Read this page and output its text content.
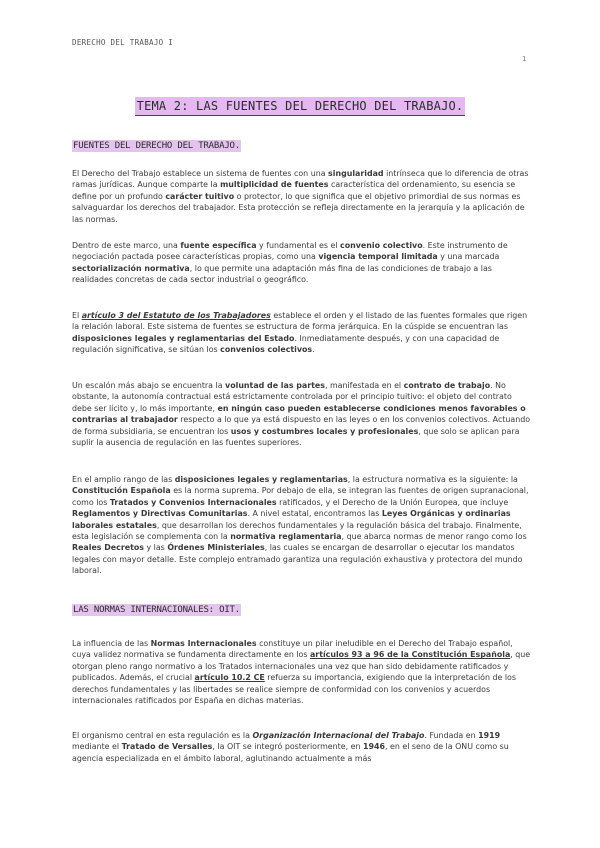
DERECHO DEL TRABAJO I
1
TEMA 2: LAS FUENTES DEL DERECHO DEL TRABAJO.
FUENTES DEL DERECHO DEL TRABAJO.

El Derecho del Trabajo establece un sistema de fuentes con una singularidad intrínseca que lo diferencia de otras ramas jurídicas. Aunque comparte la multiplicidad de fuentes característica del ordenamiento, su esencia se define por un profundo carácter tuitivo o protector, lo que significa que el objetivo primordial de sus normas es salvaguardar los derechos del trabajador. Esta protección se refleja directamente en la jerarquía y la aplicación de las normas.

Dentro de este marco, una fuente específica y fundamental es el convenio colectivo. Este instrumento de negociación pactada posee características propias, como una vigencia temporal limitada y una marcada sectorialización normativa, lo que permite una adaptación más fina de las condiciones de trabajo a las realidades concretas de cada sector industrial o geográfico.

El artículo 3 del Estatuto de los Trabajadores establece el orden y el listado de las fuentes formales que rigen la relación laboral. Este sistema de fuentes se estructura de forma jerárquica. En la cúspide se encuentran las disposiciones legales y reglamentarias del Estado. Inmediatamente después, y con una capacidad de regulación significativa, se sitúan los convenios colectivos.

Un escalón más abajo se encuentra la voluntad de las partes, manifestada en el contrato de trabajo. No obstante, la autonomía contractual está estrictamente controlada por el principio tuitivo: el objeto del contrato debe ser lícito y, lo más importante, en ningún caso pueden establecerse condiciones menos favorables o contrarias al trabajador respecto a lo que ya está dispuesto en las leyes o en los convenios colectivos. Actuando de forma subsidiaria, se encuentran los usos y costumbres locales y profesionales, que solo se aplican para suplir la ausencia de regulación en las fuentes superiores.

En el amplio rango de las disposiciones legales y reglamentarias, la estructura normativa es la siguiente: la Constitución Española es la norma suprema. Por debajo de ella, se integran las fuentes de origen supranacional, como los Tratados y Convenios Internacionales ratificados, y el Derecho de la Unión Europea, que incluye Reglamentos y Directivas Comunitarias. A nivel estatal, encontramos las Leyes Orgánicas y ordinarias laborales estatales, que desarrollan los derechos fundamentales y la regulación básica del trabajo. Finalmente, esta legislación se complementa con la normativa reglamentaria, que abarca normas de menor rango como los Reales Decretos y las Órdenes Ministeriales, las cuales se encargan de desarrollar o ejecutar los mandatos legales con mayor detalle. Este complejo entramado garantiza una regulación exhaustiva y protectora del mundo laboral.

LAS NORMAS INTERNACIONALES: OIT.

La influencia de las Normas Internacionales constituye un pilar ineludible en el Derecho del Trabajo español, cuya validez normativa se fundamenta directamente en los artículos 93 a 96 de la Constitución Española, que otorgan pleno rango normativo a los Tratados internacionales una vez que han sido debidamente ratificados y publicados. Además, el crucial artículo 10.2 CE refuerza su importancia, exigiendo que la interpretación de los derechos fundamentales y las libertades se realice siempre de conformidad con los convenios y acuerdos internacionales ratificados por España en dichas materias.

El organismo central en esta regulación es la Organización Internacional del Trabajo. Fundada en 1919 mediante el Tratado de Versalles, la OIT se integró posteriormente, en 1946, en el seno de la ONU como su agencia especializada en el ámbito laboral, aglutinando actualmente a más
